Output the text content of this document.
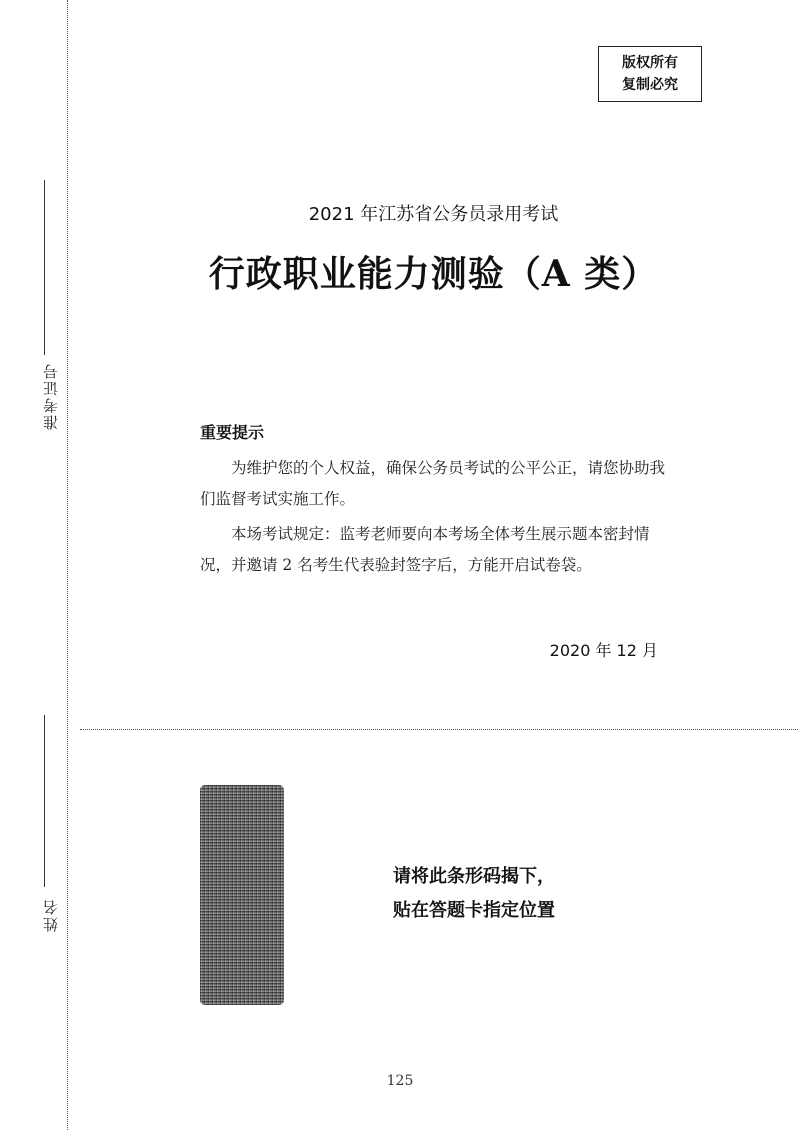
准考证号
姓名
版权所有
复制必究
2021 年江苏省公务员录用考试
行政职业能力测验（A 类）
重要提示
为维护您的个人权益，确保公务员考试的公平公正，请您协助我们监督考试实施工作。
本场考试规定：监考老师要向本考场全体考生展示题本密封情况，并邀请 2 名考生代表验封签字后，方能开启试卷袋。
2020 年 12 月
请将此条形码揭下，
贴在答题卡指定位置
125
